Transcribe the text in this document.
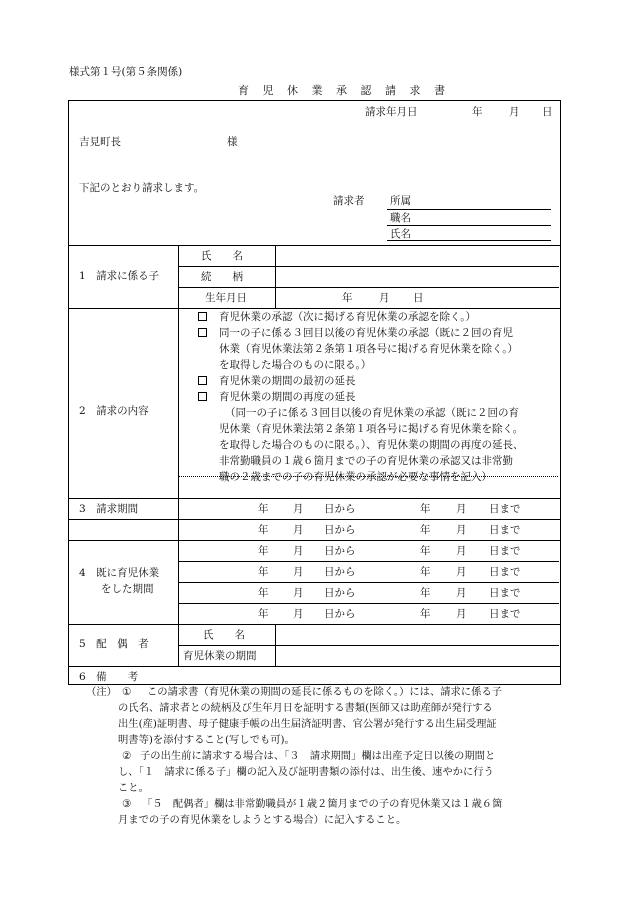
様式第１号(第５条関係)
育 児 休 業 承 認 請 求 書
請求年月日	年	月 日
吉見町長	様
下記のとおり請求します。
請求者 所属
職名
氏名
1　請求に係る子
氏　　名
続　　柄
生年月日	年	月 日
2　請求の内容
育児休業の承認（次に掲げる育児休業の承認を除く。）
同一の子に係る３回目以後の育児休業の承認（既に２回の育児
休業（育児休業法第２条第１項各号に掲げる育児休業を除く。）
を取得した場合のものに限る。）
育児休業の期間の最初の延長
育児休業の期間の再度の延長
（同一の子に係る３回目以後の育児休業の承認（既に２回の育
児休業（育児休業法第２条第１項各号に掲げる育児休業を除く。
を取得した場合のものに限る。）、育児休業の期間の再度の延長、
非常勤職員の１歳６箇月までの子の育児休業の承認又は非常勤
職の２歳までの子の育児休業の承認が必要な事情を記入）
3　請求期間	年 月 日から	年 月 日まで
4　既に育児休業
をした期間
年 月 日から	年 月 日まで
年 月 日から	年 月 日まで
年 月 日から	年 月 日まで
年 月 日から	年 月 日まで
年 月 日から	年 月 日まで
5　配　偶　者
氏　　名
育児休業の期間
6　備　　考
（注） ① この請求書（育児休業の期間の延長に係るものを除く。）には、請求に係る子
の氏名、請求者との続柄及び生年月日を証明する書類(医師又は助産師が発行する
出生(産)証明書、母子健康手帳の出生届済証明書、官公署が発行する出生届受理証
明書等)を添付すること(写しでも可)。
② 子の出生前に請求する場合は、「３　請求期間」欄は出産予定日以後の期間と
し、「１　請求に係る子」欄の記入及び証明書類の添付は、出生後、速やかに行う
こと。
③ 「５　配偶者」欄は非常勤職員が１歳２箇月までの子の育児休業又は１歳６箇
月までの子の育児休業をしようとする場合）に記入すること。
